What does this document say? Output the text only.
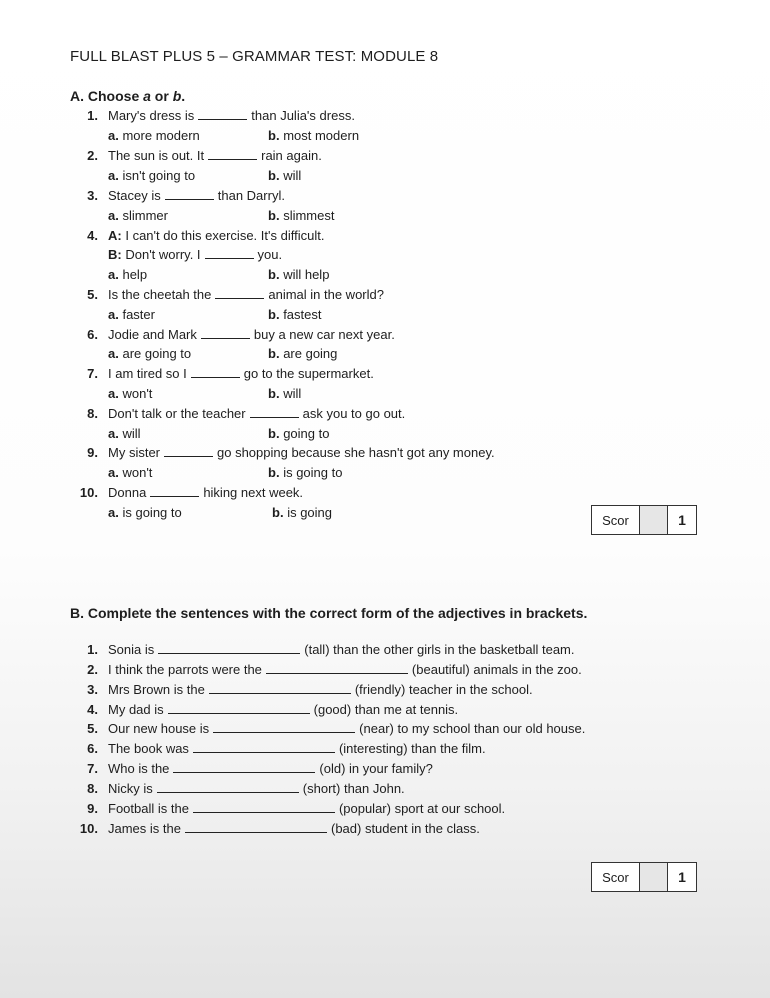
FULL BLAST PLUS 5 – GRAMMAR TEST: MODULE 8
A. Choose a or b.
1. Mary's dress is	than Julia's dress.
a. more modern	b. most modern
2. The sun is out. It	rain again.
a. isn't going to	b. will
3. Stacey is	than Darryl.
a. slimmer	b. slimmest
4. A: I can't do this exercise. It's difficult.
B: Don't worry. I	you.
a. help	b. will help
5. Is the cheetah the	animal in the world?
a. faster	b. fastest
6. Jodie and Mark	buy a new car next year.
a. are going to	b. are going
7. I am tired so I	go to the supermarket.
a. won't	b. will
8. Don't talk or the teacher	ask you to go out.
a. will	b. going to
9. My sister	go shopping because she hasn't got any money.
a. won't	b. is going to
10. Donna	hiking next week.
a. is going to	b. is going	Scor	1
B. Complete the sentences with the correct form of the adjectives in brackets.
1. Sonia is	(tall) than the other girls in the basketball team.
2. I think the parrots were the	(beautiful) animals in the zoo.
3. Mrs Brown is the	(friendly) teacher in the school.
4. My dad is	(good) than me at tennis.
5. Our new house is	(near) to my school than our old house.
6. The book was	(interesting) than the film.
7. Who is the	(old) in your family?
8. Nicky is	(short) than John.
9. Football is the	(popular) sport at our school.
10. James is the	(bad) student in the class.
Scor	1
